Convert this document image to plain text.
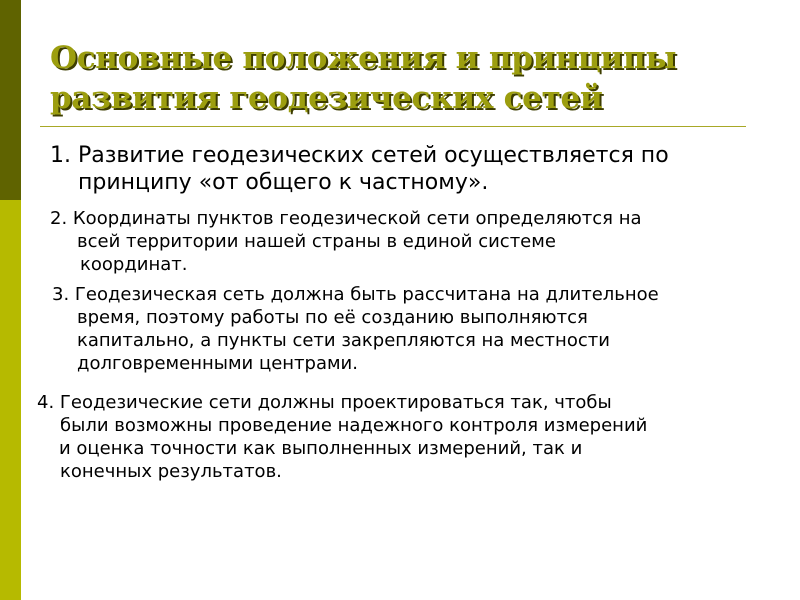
Основные положения и принципы
развития геодезических сетей

1. Развитие геодезических сетей осуществляется по
принципу «от общего к частному».

2. Координаты пунктов геодезической сети определяются на
всей территории нашей страны в единой системе
координат.

3. Геодезическая сеть должна быть рассчитана на длительное
время, поэтому работы по её созданию выполняются
капитально, а пункты сети закрепляются на местности
долговременными центрами.

4. Геодезические сети должны проектироваться так, чтобы
были возможны проведение надежного контроля измерений
и оценка точности как выполненных измерений, так и
конечных результатов.
